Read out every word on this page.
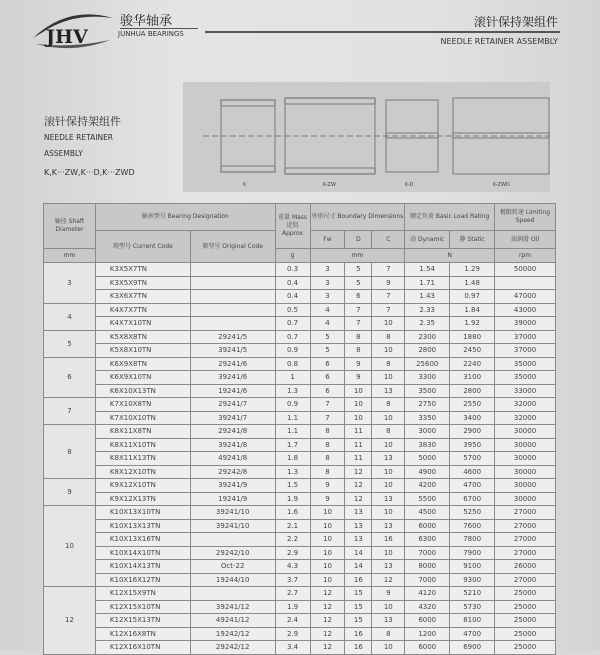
JHV
骏华轴承
JUNHUA BEARINGS
滚针保持架组件
NEEDLE RETAINER ASSEMBLY
滚针保持架组件
NEEDLE RETAINER ASSEMBLY
K,K···ZW,K···D,K···ZWD
K	K-ZW	K-D	K-ZWD
轴径 Shaft Diameter	轴承型号 Bearing Designation		重量 Mass 近似 Approx	外形尺寸 Boundary Dimensions			额定负荷 Basic Load Rating		极限转速 Limiting Speed
	现型号 Current Code	原型号 Original Code		Fw	D	C	动 Dynamic	静 Static	油润滑 Oil
mm			g	mm			N		rpm
3	K3X5X7TN		0.3	3	5	7	1.54	1.29	50000
	K3X5X9TN		0.4	3	5	9	1.71	1.48	
	K3X6X7TN		0.4	3	6	7	1.43	0.97	47000
4	K4X7X7TN		0.5	4	7	7	2.33	1.84	43000
	K4X7X10TN		0.7	4	7	10	2.35	1.92	39000
5	K5X8X8TN	29241/5	0.7	5	8	8	2300	1880	37000
	K5X8X10TN	39241/5	0.9	5	8	10	2800	2450	37000
6	K6X9X8TN	29241/6	0.8	6	9	8	25600	2240	35000
	K6X9X10TN	39241/6	1	6	9	10	3300	3100	35000
	K6X10X13TN	19241/6	1.3	6	10	13	3500	2800	33000
7	K7X10X8TN	29241/7	0.9	7	10	8	2750	2550	32000
	K7X10X10TN	39241/7	1.1	7	10	10	3350	3400	32000
8	K8X11X8TN	29241/8	1.1	8	11	8	3000	2900	30000
	K8X11X10TN	39241/8	1.7	8	11	10	3830	3950	30000
	K8X11X13TN	49241/8	1.8	8	11	13	5000	5700	30000
	K8X12X10TN	29242/8	1.3	8	12	10	4900	4600	30000
9	K9X12X10TN	39241/9	1.5	9	12	10	4200	4700	30000
	K9X12X13TN	19241/9	1.9	9	12	13	5500	6700	30000
10	K10X13X10TN	39241/10	1.6	10	13	10	4500	5250	27000
	K10X13X13TN	39241/10	2.1	10	13	13	6000	7600	27000
	K10X13X16TN		2.2	10	13	16	6300	7800	27000
	K10X14X10TN	29242/10	2.9	10	14	10	7000	7900	27000
	K10X14X13TN	Oct-22	4.3	10	14	13	8000	9100	26000
	K10X16X12TN	19244/10	3.7	10	16	12	7000	9300	27000
12	K12X15X9TN		2.7	12	15	9	4120	5210	25000
	K12X15X10TN	39241/12	1.9	12	15	10	4320	5730	25000
	K12X15X13TN	49241/12	2.4	12	15	13	6000	8100	25000
	K12X16X8TN	19242/12	2.9	12	16	8	1200	4700	25000
	K12X16X10TN	29242/12	3.4	12	16	10	6000	6900	25000
